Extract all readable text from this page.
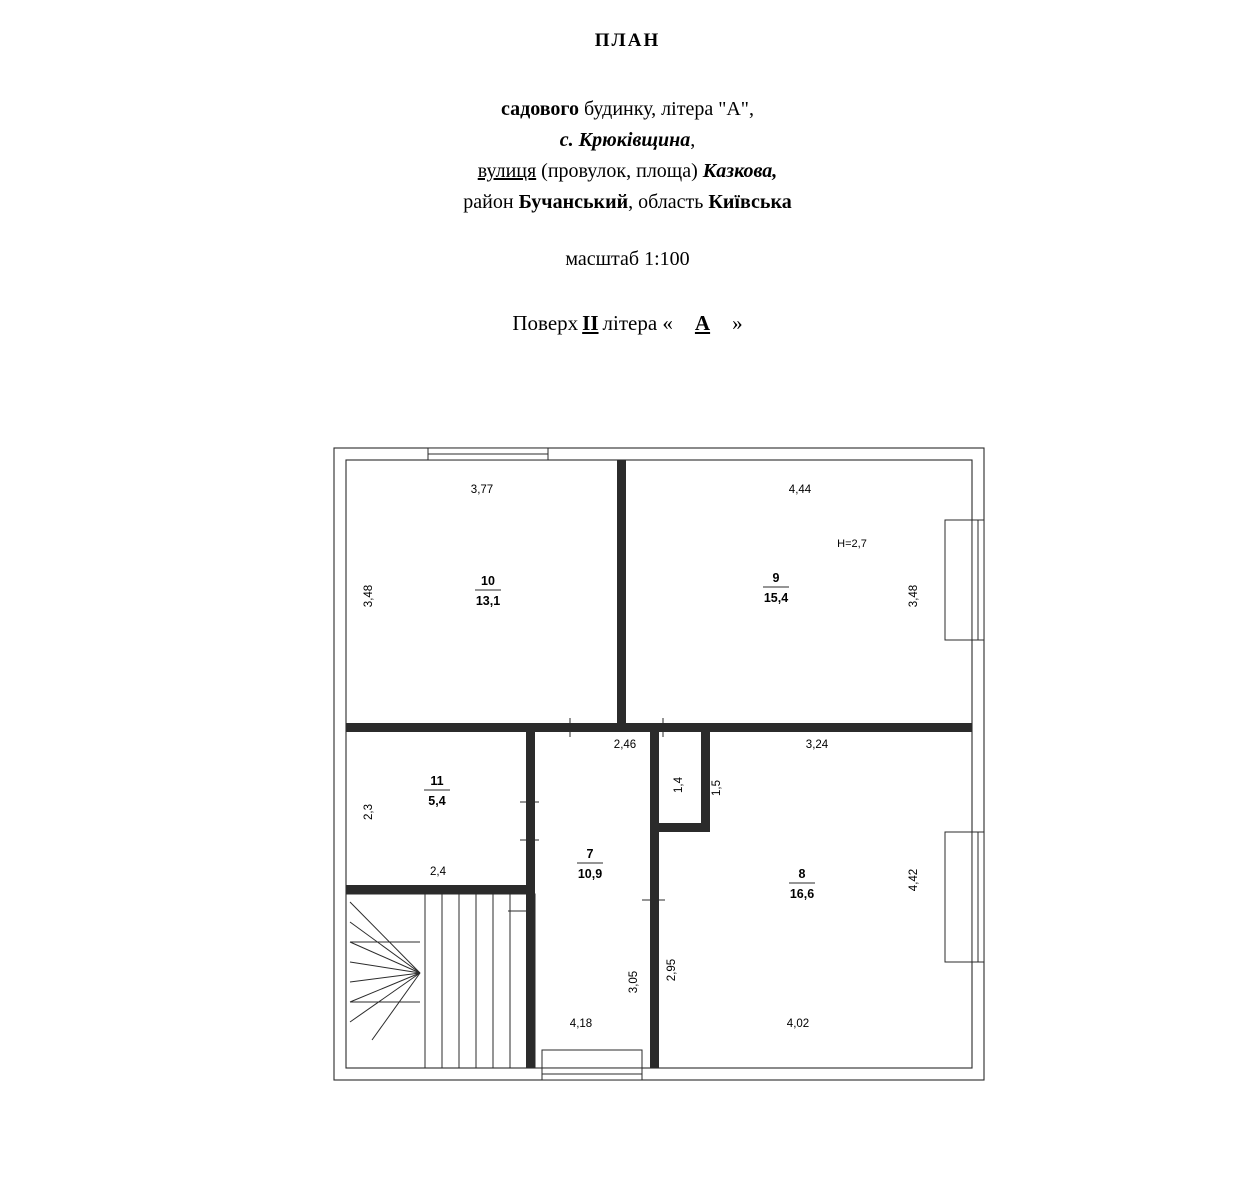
ПЛАН
садового будинку, літера "А",
с. Крюківщина,
вулиця (провулок, площа) Казкова,
район Бучанський, область Київська
масштаб 1:100
Поверх II літера « А »
3,77	4,44
3,48	3,48
4,42
10
13,1
9
15,4
H=2,7
2,46	3,24
1,4 1,5
11
5,4
2,3
2,4
7
10,9	8
16,6
3,05
2,95
4,18	4,02
